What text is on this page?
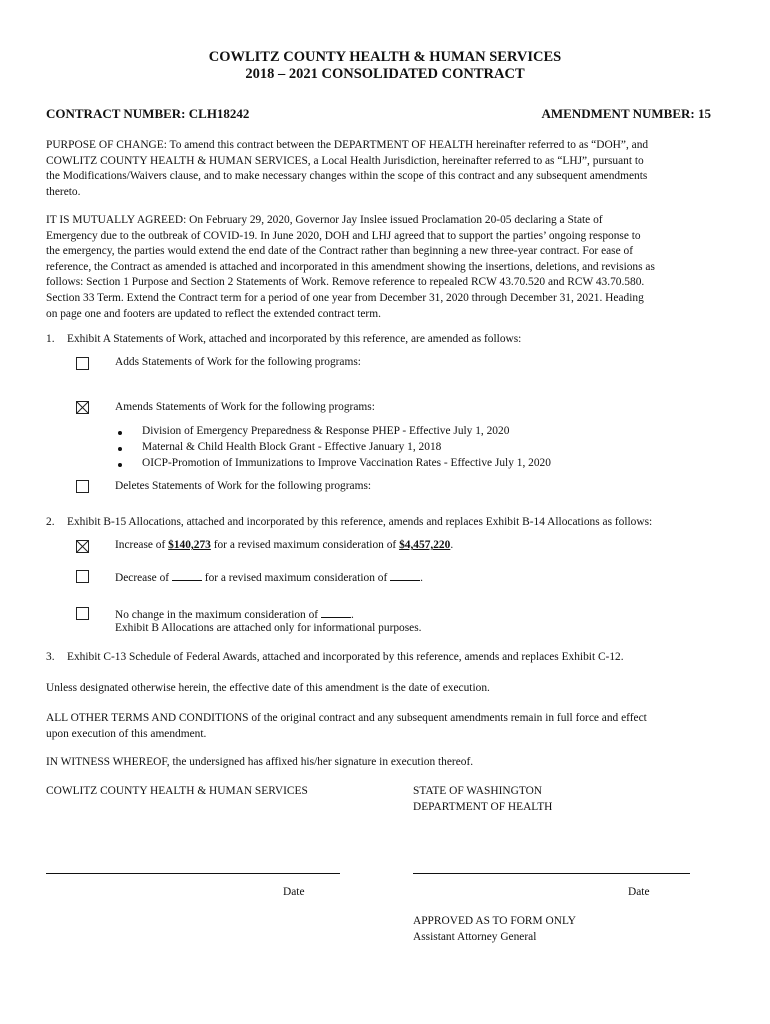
COWLITZ COUNTY HEALTH & HUMAN SERVICES
2018 – 2021 CONSOLIDATED CONTRACT
CONTRACT NUMBER: CLH18242	AMENDMENT NUMBER: 15
PURPOSE OF CHANGE: To amend this contract between the DEPARTMENT OF HEALTH hereinafter referred to as “DOH”, and
COWLITZ COUNTY HEALTH & HUMAN SERVICES, a Local Health Jurisdiction, hereinafter referred to as “LHJ”, pursuant to
the Modifications/Waivers clause, and to make necessary changes within the scope of this contract and any subsequent amendments
thereto.
IT IS MUTUALLY AGREED: On February 29, 2020, Governor Jay Inslee issued Proclamation 20-05 declaring a State of
Emergency due to the outbreak of COVID-19. In June 2020, DOH and LHJ agreed that to support the parties’ ongoing response to
the emergency, the parties would extend the end date of the Contract rather than beginning a new three-year contract. For ease of
reference, the Contract as amended is attached and incorporated in this amendment showing the insertions, deletions, and revisions as
follows: Section 1 Purpose and Section 2 Statements of Work. Remove reference to repealed RCW 43.70.520 and RCW 43.70.580.
Section 33 Term. Extend the Contract term for a period of one year from December 31, 2020 through December 31, 2021. Heading
on page one and footers are updated to reflect the extended contract term.
1. Exhibit A Statements of Work, attached and incorporated by this reference, are amended as follows:
Adds Statements of Work for the following programs:
Amends Statements of Work for the following programs:
Division of Emergency Preparedness & Response PHEP - Effective July 1, 2020
Maternal & Child Health Block Grant - Effective January 1, 2018
OICP-Promotion of Immunizations to Improve Vaccination Rates - Effective July 1, 2020
Deletes Statements of Work for the following programs:
2. Exhibit B-15 Allocations, attached and incorporated by this reference, amends and replaces Exhibit B-14 Allocations as follows:
Increase of $140,273 for a revised maximum consideration of $4,457,220.
Decrease of	for a revised maximum consideration of	.
No change in the maximum consideration of	.
Exhibit B Allocations are attached only for informational purposes.
3. Exhibit C-13 Schedule of Federal Awards, attached and incorporated by this reference, amends and replaces Exhibit C-12.
Unless designated otherwise herein, the effective date of this amendment is the date of execution.
ALL OTHER TERMS AND CONDITIONS of the original contract and any subsequent amendments remain in full force and effect
upon execution of this amendment.
IN WITNESS WHEREOF, the undersigned has affixed his/her signature in execution thereof.
COWLITZ COUNTY HEALTH & HUMAN SERVICES	STATE OF WASHINGTON
DEPARTMENT OF HEALTH
Date	Date
APPROVED AS TO FORM ONLY
Assistant Attorney General
